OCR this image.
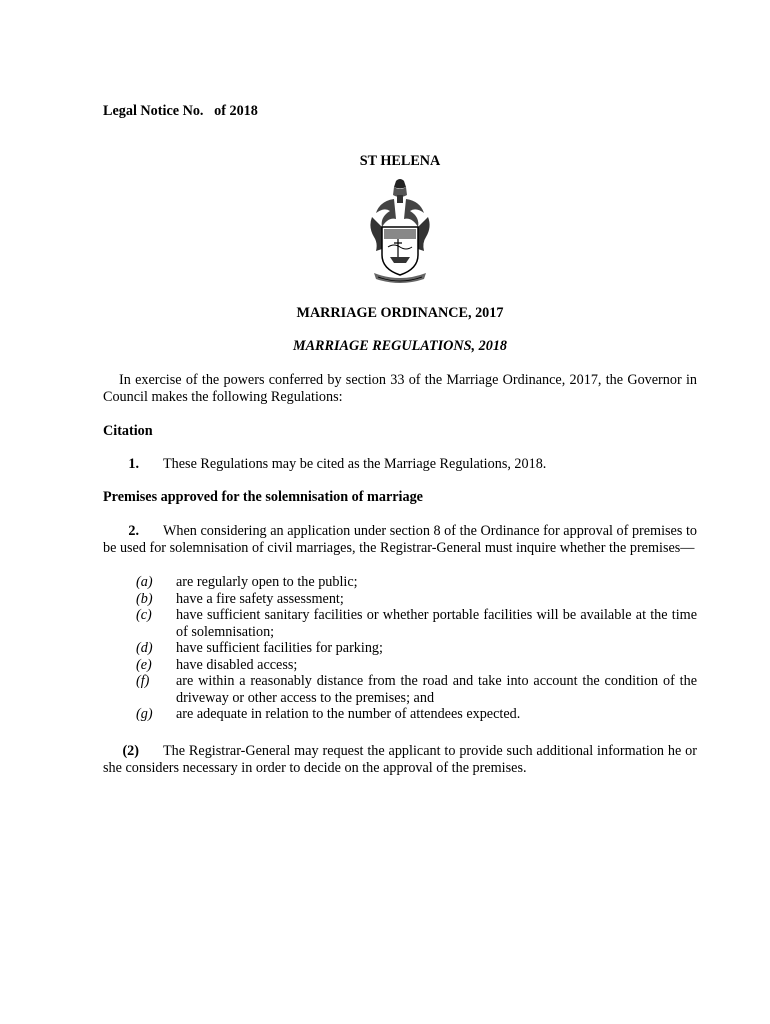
Legal Notice No.   of 2018
ST HELENA
MARRIAGE ORDINANCE, 2017
MARRIAGE REGULATIONS, 2018
In exercise of the powers conferred by section 33 of the Marriage Ordinance, 2017, the Governor in Council makes the following Regulations:
Citation
1. These Regulations may be cited as the Marriage Regulations, 2018.
Premises approved for the solemnisation of marriage
2. When considering an application under section 8 of the Ordinance for approval of premises to be used for solemnisation of civil marriages, the Registrar-General must inquire whether the premises—
(a)	are regularly open to the public;
(b)	have a fire safety assessment;
(c)	have sufficient sanitary facilities or whether portable facilities will be available at the time of solemnisation;
(d)	have sufficient facilities for parking;
(e)	have disabled access;
(f)	are within a reasonably distance from the road and take into account the condition of the driveway or other access to the premises; and
(g)	are adequate in relation to the number of attendees expected.
(2) The Registrar-General may request the applicant to provide such additional information he or she considers necessary in order to decide on the approval of the premises.
